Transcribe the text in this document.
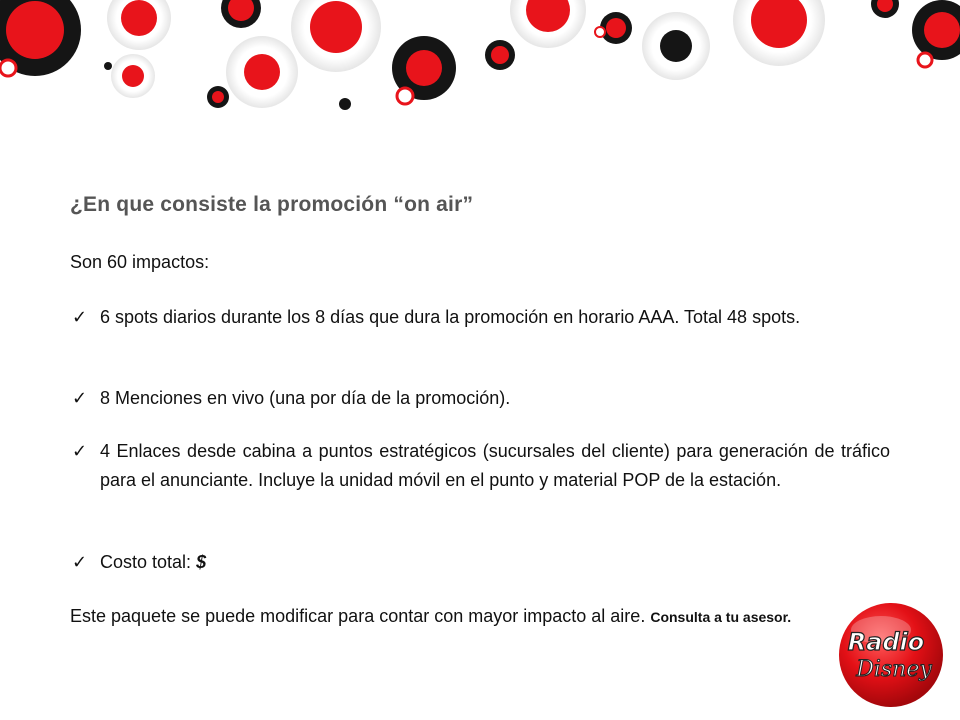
¿En que consiste la promoción “on air”
Son 60 impactos:
✓ 6 spots diarios durante los 8 días que dura la promoción en horario AAA. Total 48 spots.
✓ 8 Menciones en vivo (una por día de la promoción).
✓ 4 Enlaces desde cabina a puntos estratégicos (sucursales del cliente) para generación de tráfico para el anunciante. Incluye la unidad móvil en el punto y material POP de la estación.
✓ Costo total: $
Este paquete se puede modificar para contar con mayor impacto al aire. Consulta a tu asesor.
Radio
Disney
